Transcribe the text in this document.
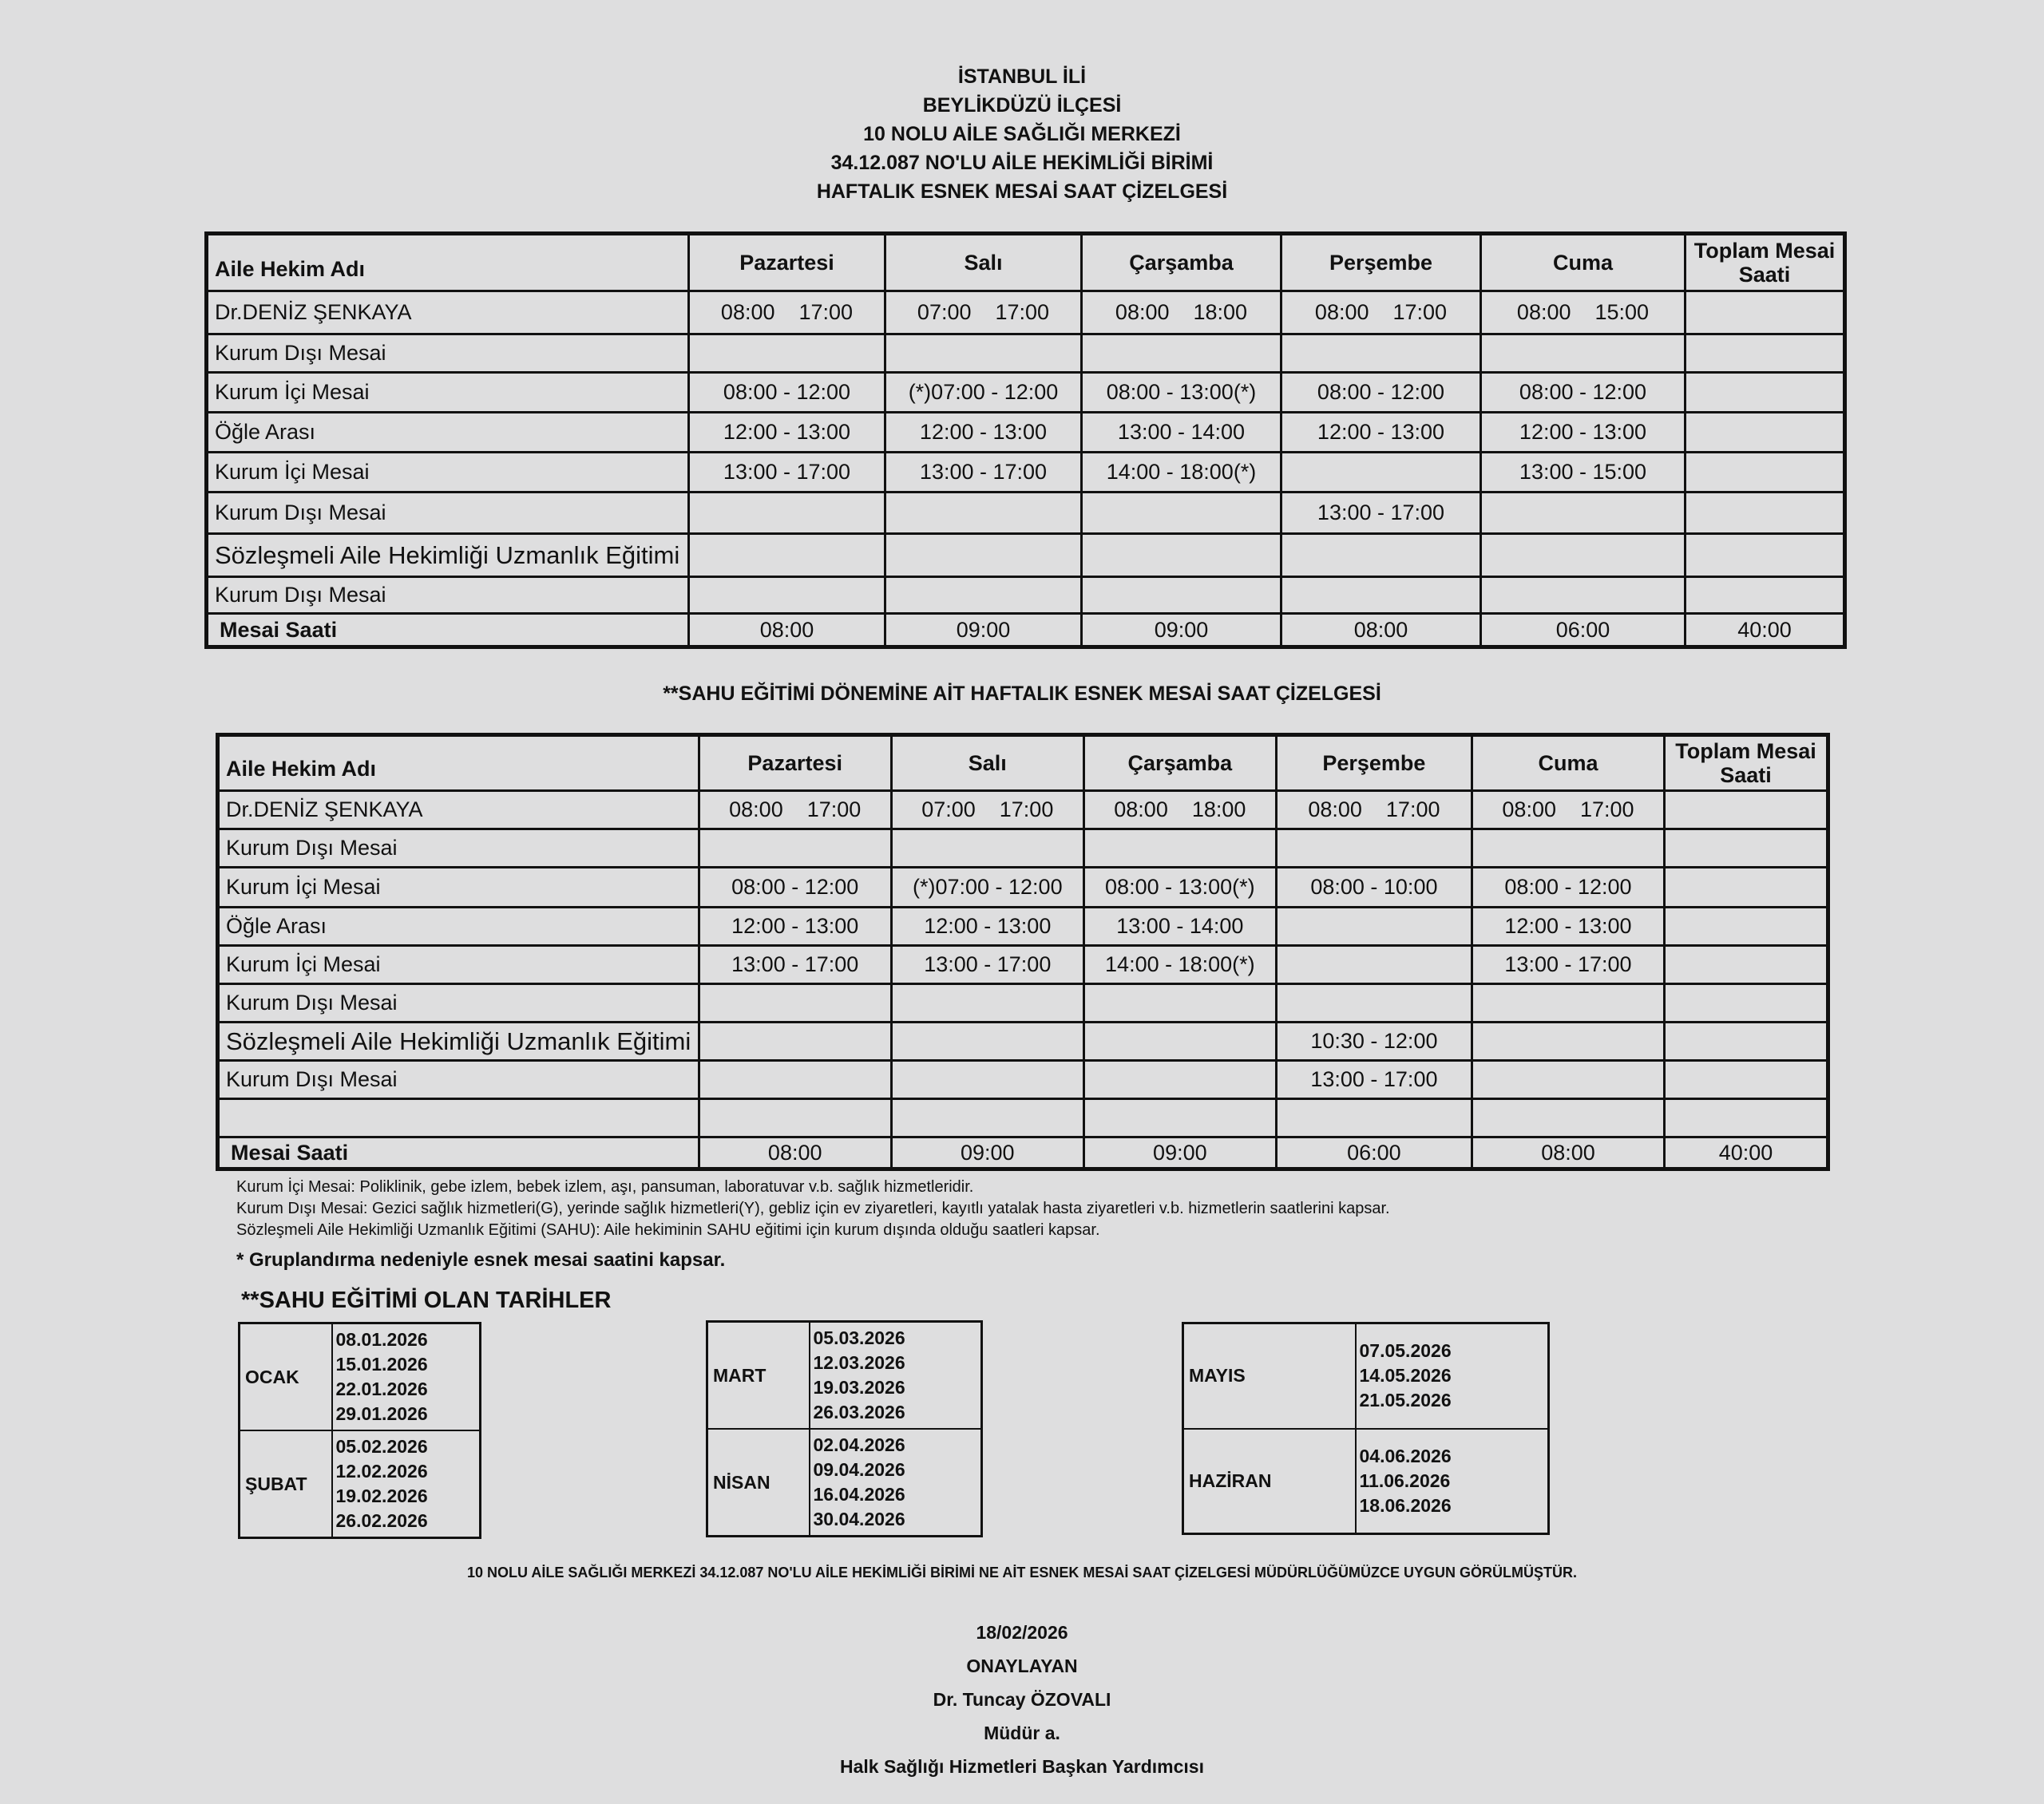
İSTANBUL İLİ
BEYLİKDÜZÜ İLÇESİ
10 NOLU AİLE SAĞLIĞI MERKEZİ
34.12.087 NO'LU AİLE HEKİMLİĞİ BİRİMİ
HAFTALIK ESNEK MESAİ SAAT ÇİZELGESİ
Aile Hekim Adı	Pazartesi	Salı	Çarşamba	Perşembe	Cuma	Toplam Mesai Saati
Dr.DENİZ ŞENKAYA	08:00    17:00	07:00    17:00	08:00    18:00	08:00    17:00	08:00    15:00	
Kurum Dışı Mesai						
Kurum İçi Mesai	08:00 - 12:00	(*)07:00 - 12:00	08:00 - 13:00(*)	08:00 - 12:00	08:00 - 12:00	
Öğle Arası	12:00 - 13:00	12:00 - 13:00	13:00 - 14:00	12:00 - 13:00	12:00 - 13:00	
Kurum İçi Mesai	13:00 - 17:00	13:00 - 17:00	14:00 - 18:00(*)		13:00 - 15:00	
Kurum Dışı Mesai				13:00 - 17:00		
Sözleşmeli Aile Hekimliği Uzmanlık Eğitimi						
Kurum Dışı Mesai						
Mesai Saati	08:00	09:00	09:00	08:00	06:00	40:00
**SAHU EĞİTİMİ DÖNEMİNE AİT HAFTALIK ESNEK MESAİ SAAT ÇİZELGESİ
Aile Hekim Adı	Pazartesi	Salı	Çarşamba	Perşembe	Cuma	Toplam Mesai Saati
Dr.DENİZ ŞENKAYA	08:00    17:00	07:00    17:00	08:00    18:00	08:00    17:00	08:00    17:00	
Kurum Dışı Mesai						
Kurum İçi Mesai	08:00 - 12:00	(*)07:00 - 12:00	08:00 - 13:00(*)	08:00 - 10:00	08:00 - 12:00	
Öğle Arası	12:00 - 13:00	12:00 - 13:00	13:00 - 14:00		12:00 - 13:00	
Kurum İçi Mesai	13:00 - 17:00	13:00 - 17:00	14:00 - 18:00(*)		13:00 - 17:00	
Kurum Dışı Mesai						
Sözleşmeli Aile Hekimliği Uzmanlık Eğitimi				10:30 - 12:00		
Kurum Dışı Mesai				13:00 - 17:00		

Mesai Saati	08:00	09:00	09:00	06:00	08:00	40:00
Kurum İçi Mesai: Poliklinik, gebe izlem, bebek izlem, aşı, pansuman, laboratuvar v.b. sağlık hizmetleridir.
Kurum Dışı Mesai: Gezici sağlık hizmetleri(G), yerinde sağlık hizmetleri(Y), gebliz için ev ziyaretleri, kayıtlı yatalak hasta ziyaretleri v.b. hizmetlerin saatlerini kapsar.
Sözleşmeli Aile Hekimliği Uzmanlık Eğitimi (SAHU): Aile hekiminin SAHU eğitimi için kurum dışında olduğu saatleri kapsar.
* Gruplandırma nedeniyle esnek mesai saatini kapsar.
**SAHU EĞİTİMİ OLAN TARİHLER
OCAK	08.01.2026
15.01.2026
22.01.2026
29.01.2026

ŞUBAT	05.02.2026
12.02.2026
19.02.2026
26.02.2026
MART	05.03.2026
12.03.2026
19.03.2026
26.03.2026

NİSAN	02.04.2026
09.04.2026
16.04.2026
30.04.2026
MAYIS	07.05.2026
14.05.2026
21.05.2026

HAZİRAN	04.06.2026
11.06.2026
18.06.2026
10 NOLU AİLE SAĞLIĞI MERKEZİ 34.12.087 NO'LU AİLE HEKİMLİĞİ BİRİMİ NE AİT ESNEK MESAİ SAAT ÇİZELGESİ MÜDÜRLÜĞÜMÜZCE UYGUN GÖRÜLMÜŞTÜR.
18/02/2026
ONAYLAYAN
Dr. Tuncay ÖZOVALI
Müdür a.
Halk Sağlığı Hizmetleri Başkan Yardımcısı
